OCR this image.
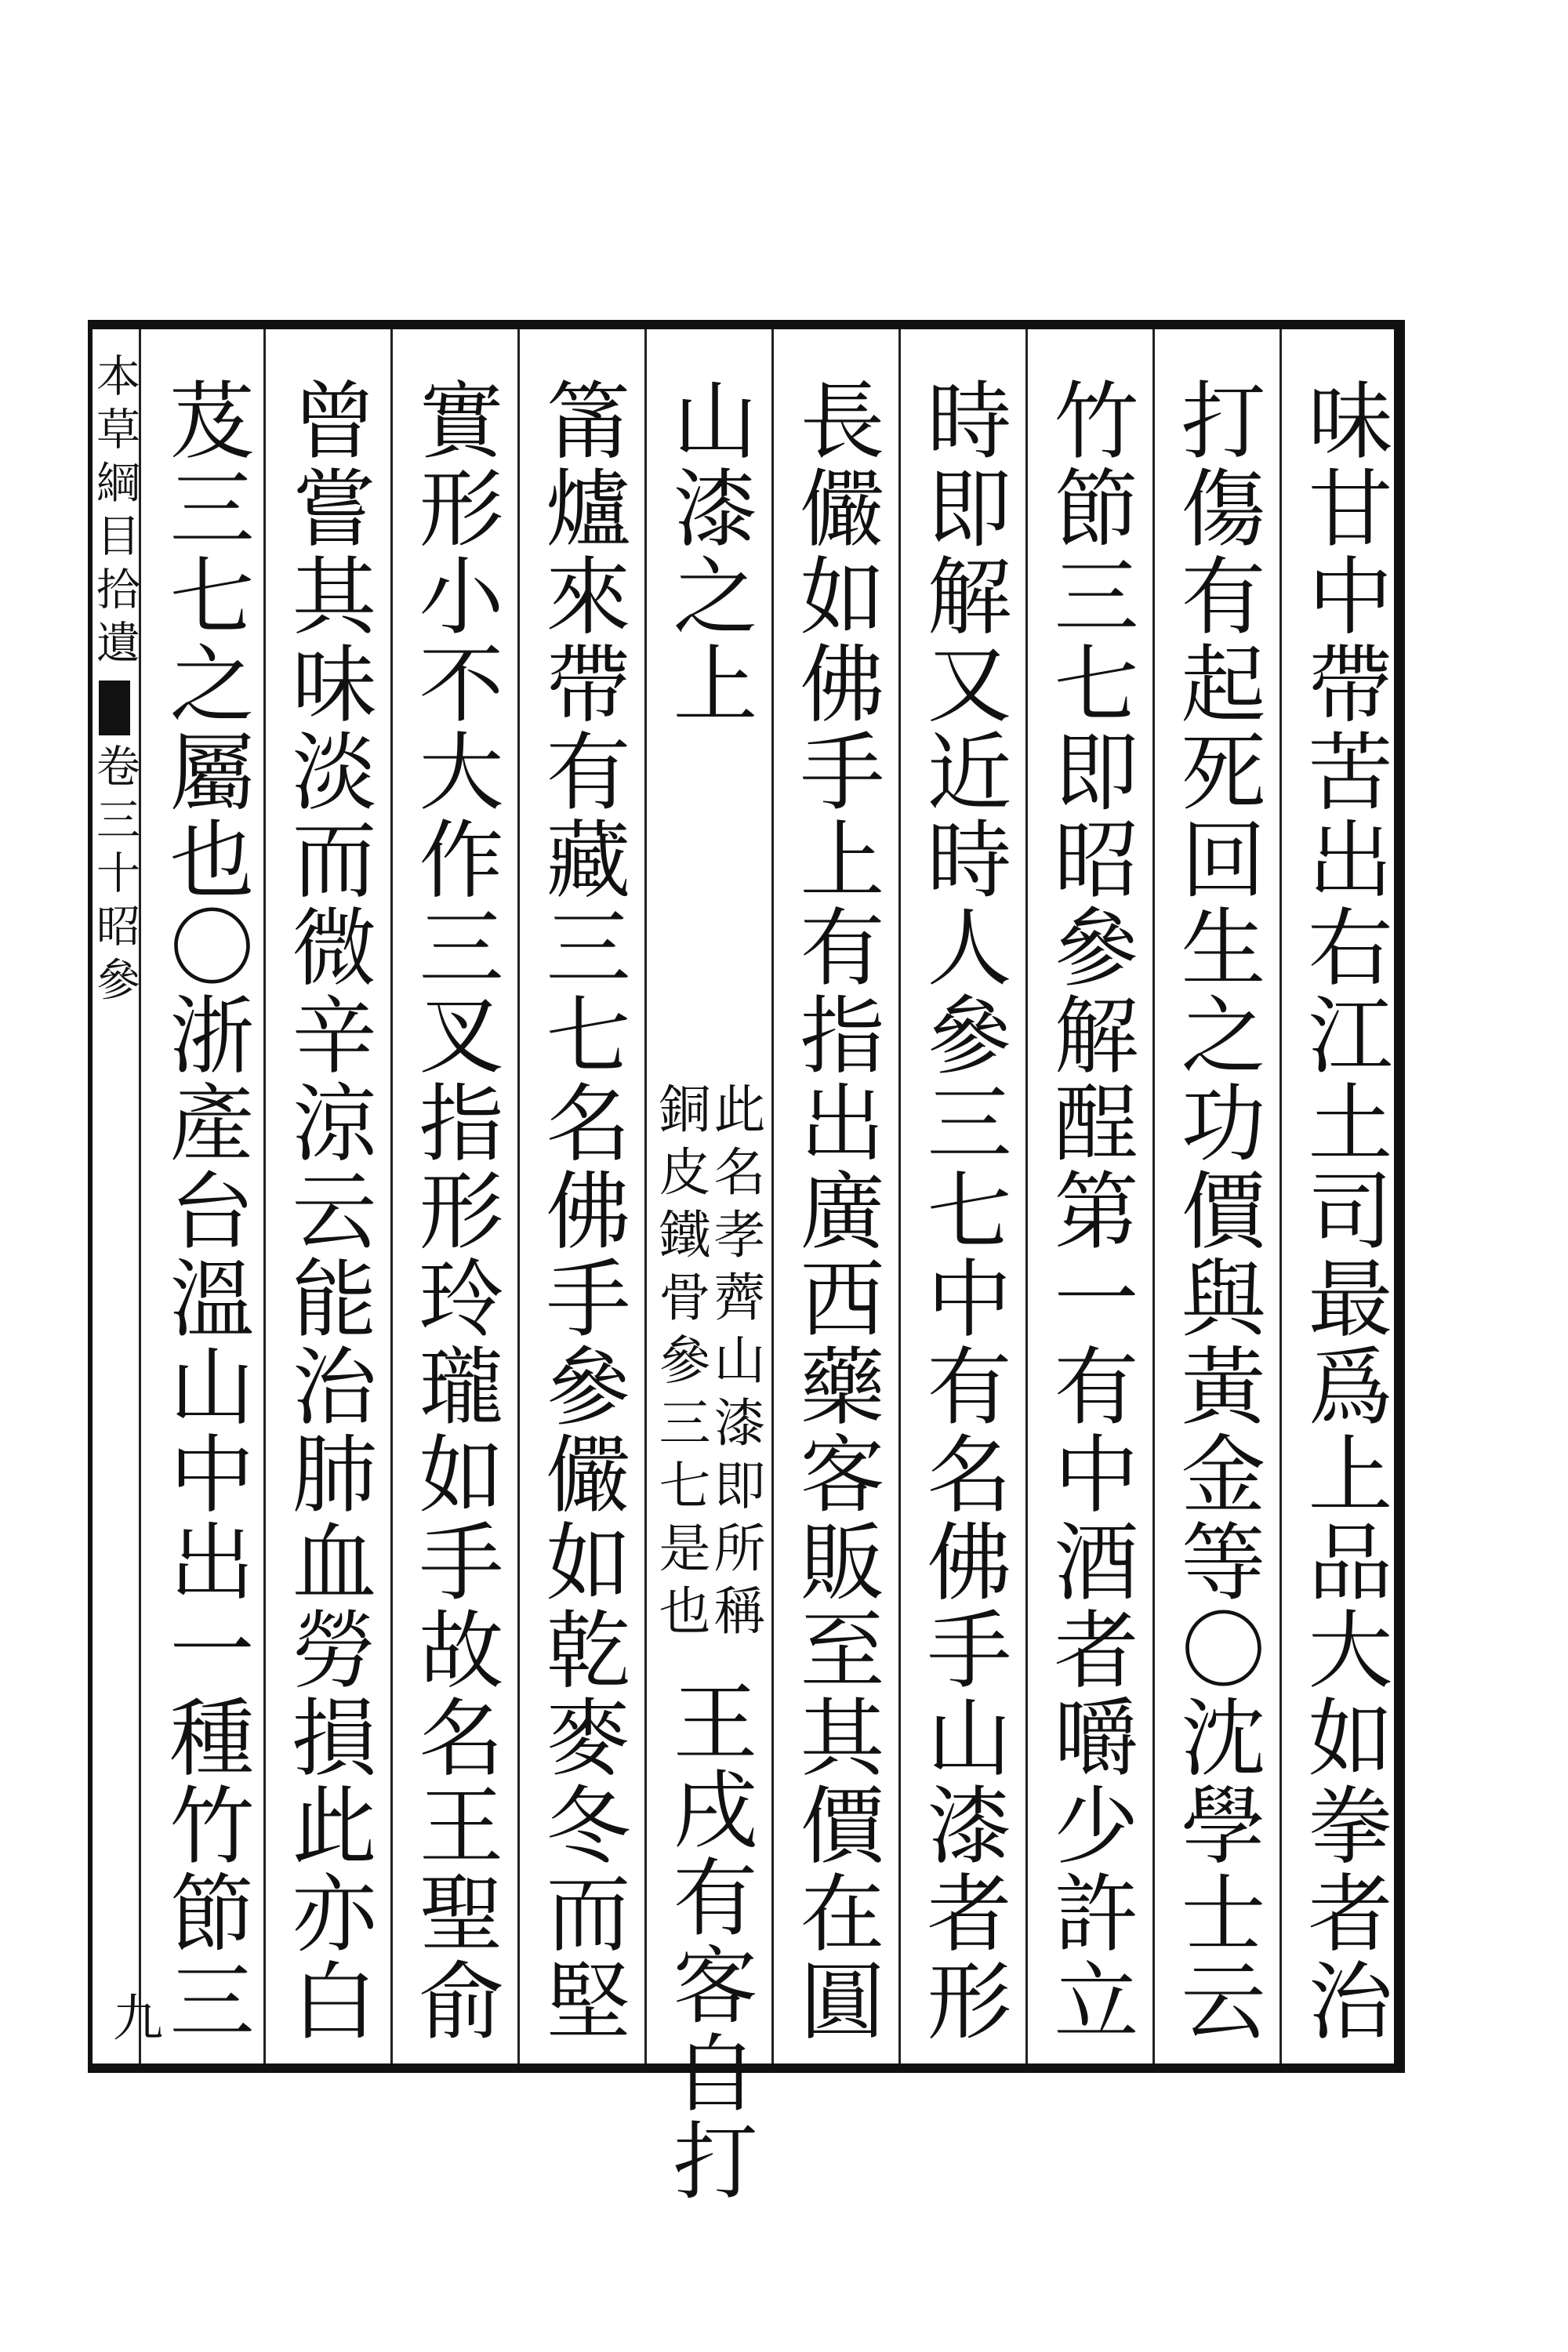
本草綱目拾遺卷三十昭參	味甘中帶苦出右江土司最爲上品大如拳者治
打傷有起死回生之功價與黃金等〇沈學士云
竹節三七即昭參解酲第一有中酒者嚼少許立
時即解又近時人參三七中有名佛手山漆者形
長儼如佛手上有指出廣西藥客販至其價在圓
山漆之上
此名孝薺山漆即所稱
銅皮鐵骨參三七是也
王戌有客自打
筩爐來帶有藏三七名佛手參儼如乾麥冬而堅
實形小不大作三叉指形玲瓏如手故名王聖俞
曾嘗其味淡而微辛涼云能治肺血勞損此亦白
芨三七之屬也〇浙產台溫山中出一種竹節三
九
